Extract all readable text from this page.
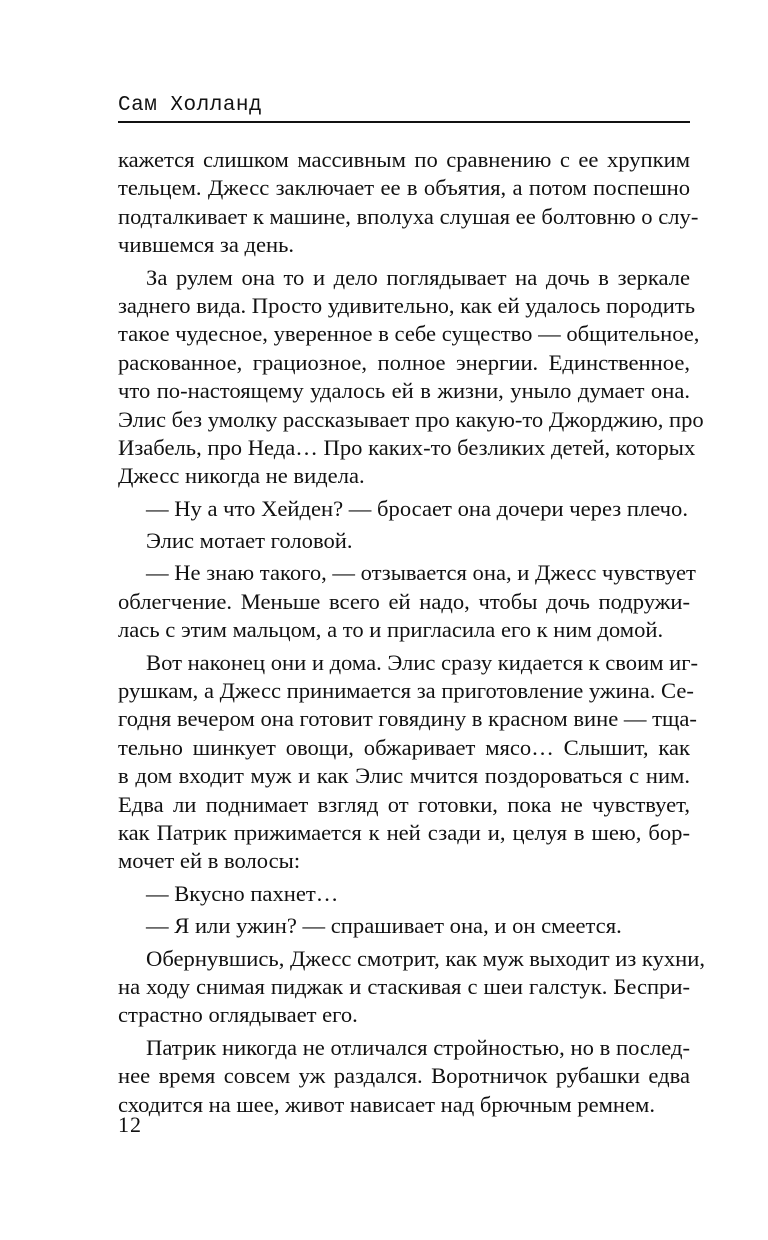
Сам Холланд
кажется слишком массивным по сравнению с ее хрупким
тельцем. Джесс заключает ее в объятия, а потом поспешно
подталкивает к машине, вполуха слушая ее болтовню о слу-
чившемся за день.
За рулем она то и дело поглядывает на дочь в зеркале
заднего вида. Просто удивительно, как ей удалось породить
такое чудесное, уверенное в себе существо — общительное,
раскованное, грациозное, полное энергии. Единственное,
что по-настоящему удалось ей в жизни, уныло думает она.
Элис без умолку рассказывает про какую-то Джорджию, про
Изабель, про Неда… Про каких-то безликих детей, которых
Джесс никогда не видела.
— Ну а что Хейден? — бросает она дочери через плечо.
Элис мотает головой.
— Не знаю такого, — отзывается она, и Джесс чувствует
облегчение. Меньше всего ей надо, чтобы дочь подружи-
лась с этим мальцом, а то и пригласила его к ним домой.
Вот наконец они и дома. Элис сразу кидается к своим иг-
рушкам, а Джесс принимается за приготовление ужина. Се-
годня вечером она готовит говядину в красном вине — тща-
тельно шинкует овощи, обжаривает мясо… Слышит, как
в дом входит муж и как Элис мчится поздороваться с ним.
Едва ли поднимает взгляд от готовки, пока не чувствует,
как Патрик прижимается к ней сзади и, целуя в шею, бор-
мочет ей в волосы:
— Вкусно пахнет…
— Я или ужин? — спрашивает она, и он смеется.
Обернувшись, Джесс смотрит, как муж выходит из кухни,
на ходу снимая пиджак и стаскивая с шеи галстук. Беспри-
страстно оглядывает его.
Патрик никогда не отличался стройностью, но в послед-
нее время совсем уж раздался. Воротничок рубашки едва
сходится на шее, живот нависает над брючным ремнем.
12
